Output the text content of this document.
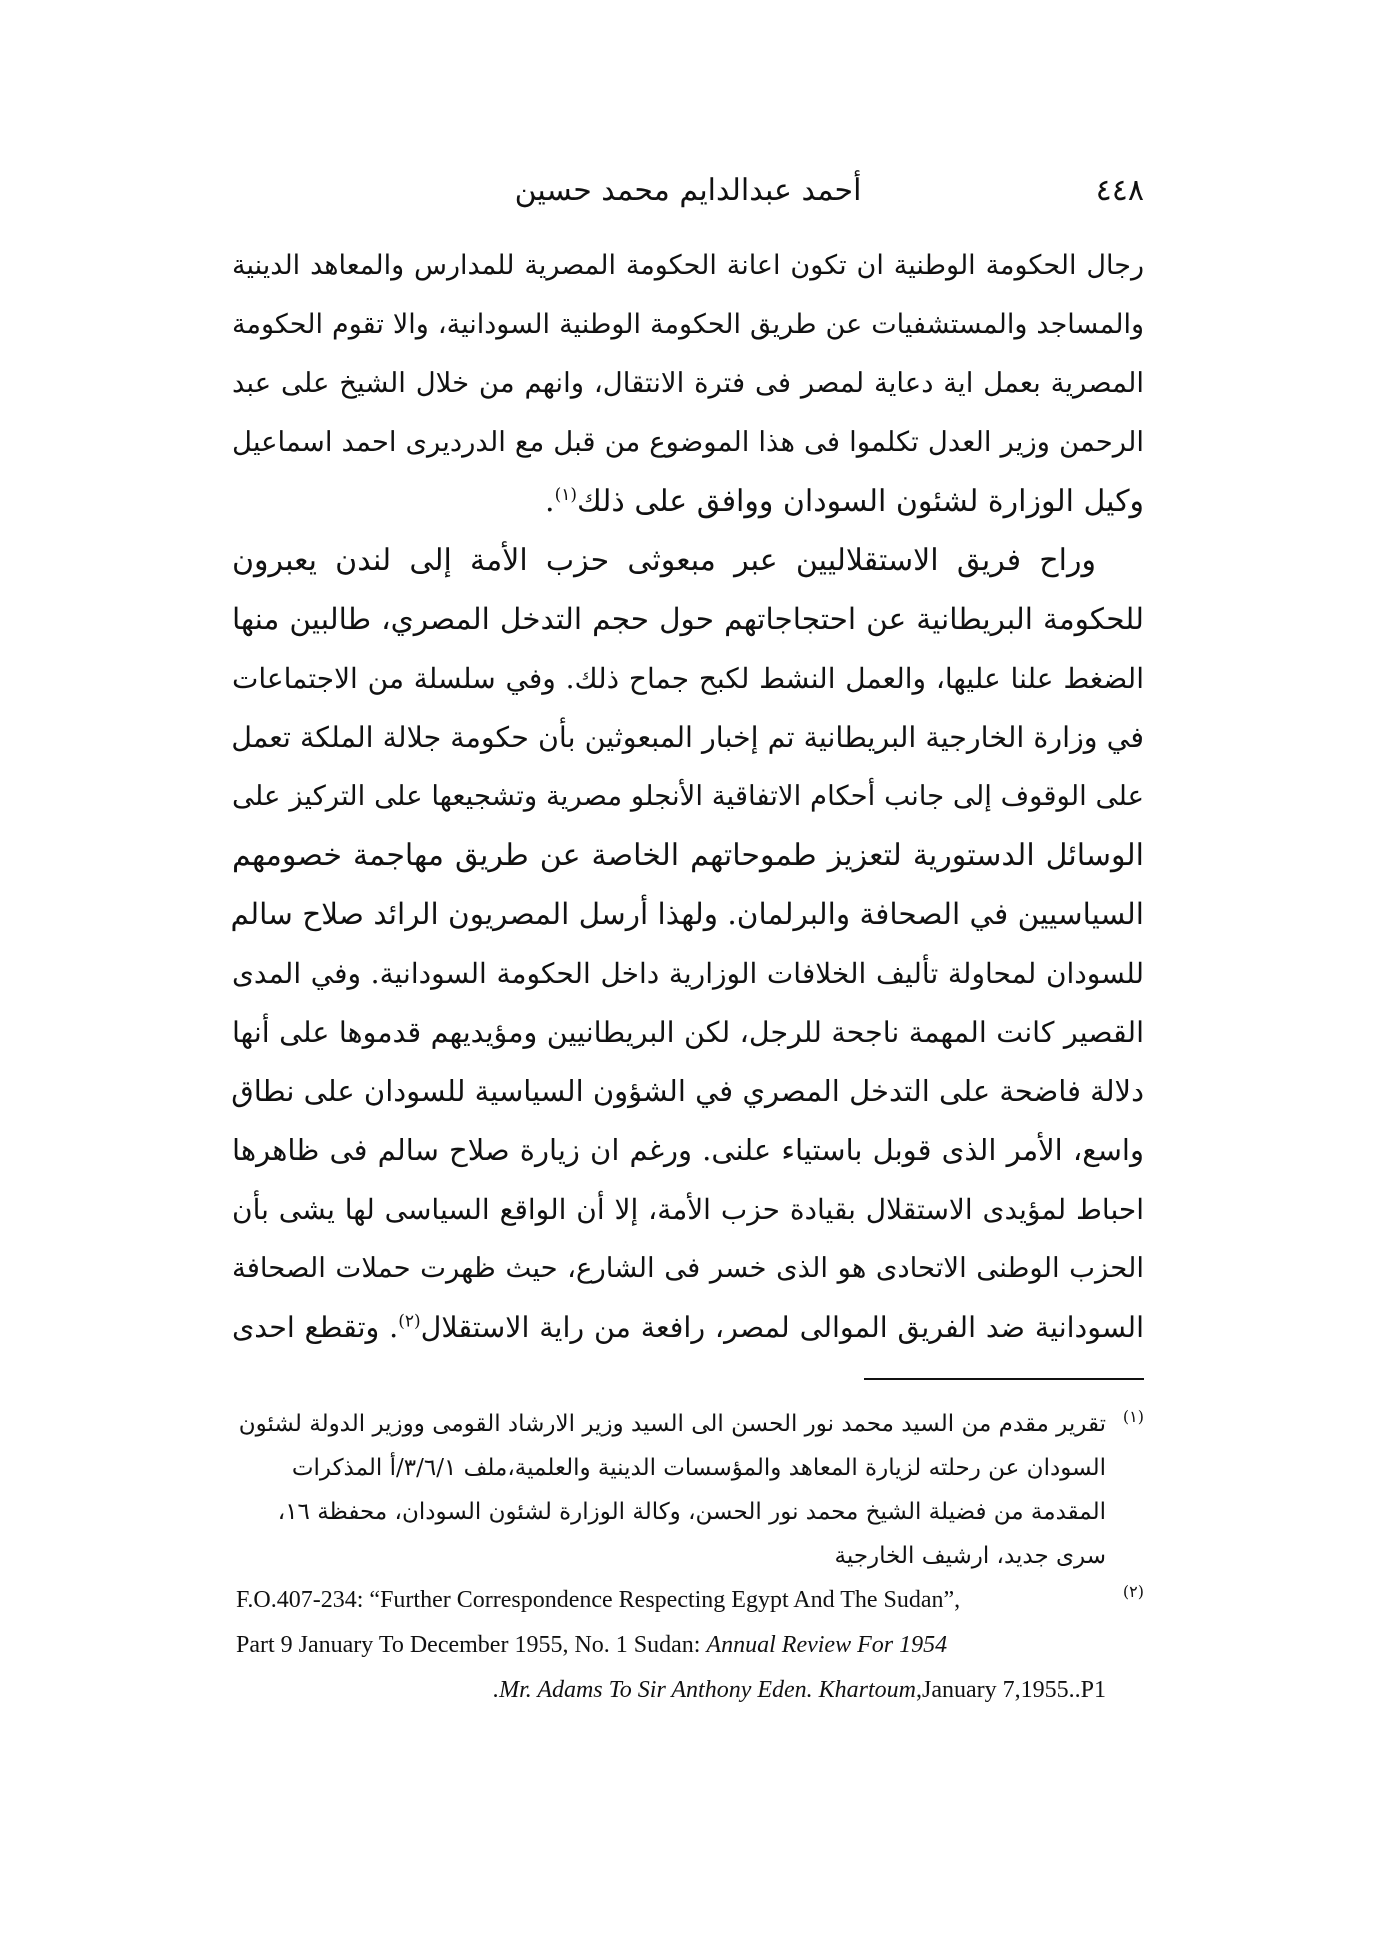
٤٤٨
أحمد عبدالدايم محمد حسين
رجال الحكومة الوطنية ان تكون اعانة الحكومة المصرية للمدارس والمعاهد الدينية
والمساجد والمستشفيات عن طريق الحكومة الوطنية السودانية، والا تقوم الحكومة
المصرية بعمل اية دعاية لمصر فى فترة الانتقال، وانهم من خلال الشيخ على عبد
الرحمن وزير العدل تكلموا فى هذا الموضوع من قبل مع الدرديرى احمد اسماعيل
وكيل الوزارة لشئون السودان ووافق على ذلك$^{(١)}$.
وراح فريق الاستقلاليين عبر مبعوثى حزب الأمة إلى لندن يعبرون
للحكومة البريطانية عن احتجاجاتهم حول حجم التدخل المصري، طالبين منها
الضغط علنا عليها، والعمل النشط لكبح جماح ذلك. وفي سلسلة من الاجتماعات
في وزارة الخارجية البريطانية تم إخبار المبعوثين بأن حكومة جلالة الملكة تعمل
على الوقوف إلى جانب أحكام الاتفاقية الأنجلو مصرية وتشجيعها على التركيز على
الوسائل الدستورية لتعزيز طموحاتهم الخاصة عن طريق مهاجمة خصومهم
السياسيين في الصحافة والبرلمان. ولهذا أرسل المصريون الرائد صلاح سالم
للسودان لمحاولة تأليف الخلافات الوزارية داخل الحكومة السودانية. وفي المدى
القصير كانت المهمة ناجحة للرجل، لكن البريطانيين ومؤيديهم قدموها على أنها
دلالة فاضحة على التدخل المصري في الشؤون السياسية للسودان على نطاق
واسع، الأمر الذى قوبل باستياء علنى. ورغم ان زيارة صلاح سالم فى ظاهرها
احباط لمؤيدى الاستقلال بقيادة حزب الأمة، إلا أن الواقع السياسى لها يشى بأن
الحزب الوطنى الاتحادى هو الذى خسر فى الشارع، حيث ظهرت حملات الصحافة
السودانية ضد الفريق الموالى لمصر، رافعة من راية الاستقلال$^{(٢)}$. وتقطع احدى
(١)تقرير مقدم من السيد محمد نور الحسن الى السيد وزير الارشاد القومى ووزير الدولة لشئون
السودان عن رحلته لزيارة المعاهد والمؤسسات الدينية والعلمية،ملف ٣/٦/١/أ المذكرات
المقدمة من فضيلة الشيخ محمد نور الحسن، وكالة الوزارة لشئون السودان، محفظة ١٦،
سرى جديد، ارشيف الخارجية
F.O.407-234: “Further Correspondence Respecting Egypt And The Sudan”,	(٢)
Part 9 January To December 1955, No. 1 Sudan: Annual Review For 1954
.Mr. Adams To Sir Anthony Eden. Khartoum,January 7,1955..P1
